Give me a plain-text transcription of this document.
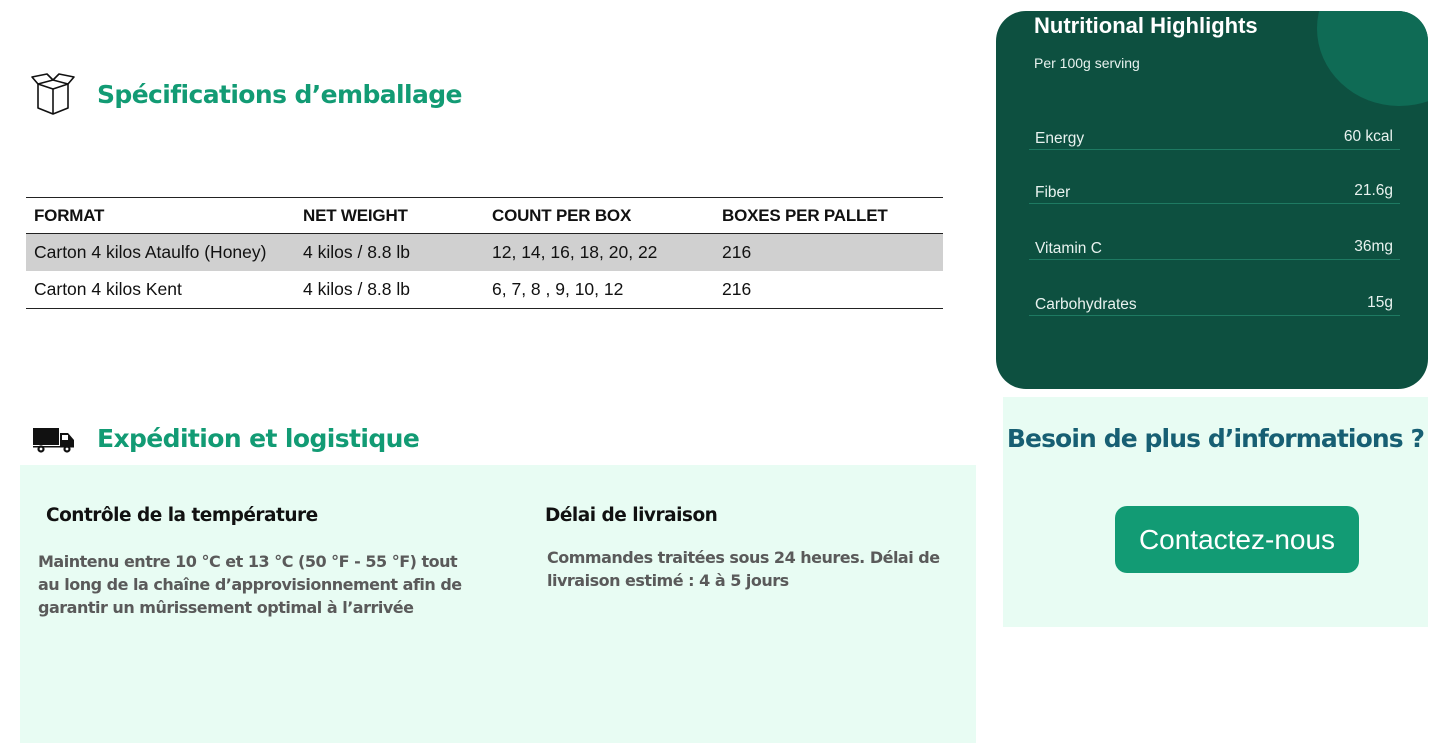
Spécifications d’emballage
FORMAT	NET WEIGHT	COUNT PER BOX	BOXES PER PALLET
Carton 4 kilos Ataulfo (Honey)	4 kilos / 8.8 lb	12, 14, 16, 18, 20, 22	216
Carton 4 kilos Kent	4 kilos / 8.8 lb	6, 7, 8 , 9, 10, 12	216
Expédition et logistique
Contrôle de la température

Maintenu entre 10 °C et 13 °C (50 °F - 55 °F) tout au long de la chaîne d’approvisionnement afin de garantir un mûrissement optimal à l’arrivée

Délai de livraison

Commandes traitées sous 24 heures. Délai de livraison estimé : 4 à 5 jours

Nutritional Highlights
Per 100g serving
Energy	60 kcal
Fiber	21.6g
Vitamin C	36mg
Carbohydrates	15g
Besoin de plus d’informations ?
Contactez-nous
